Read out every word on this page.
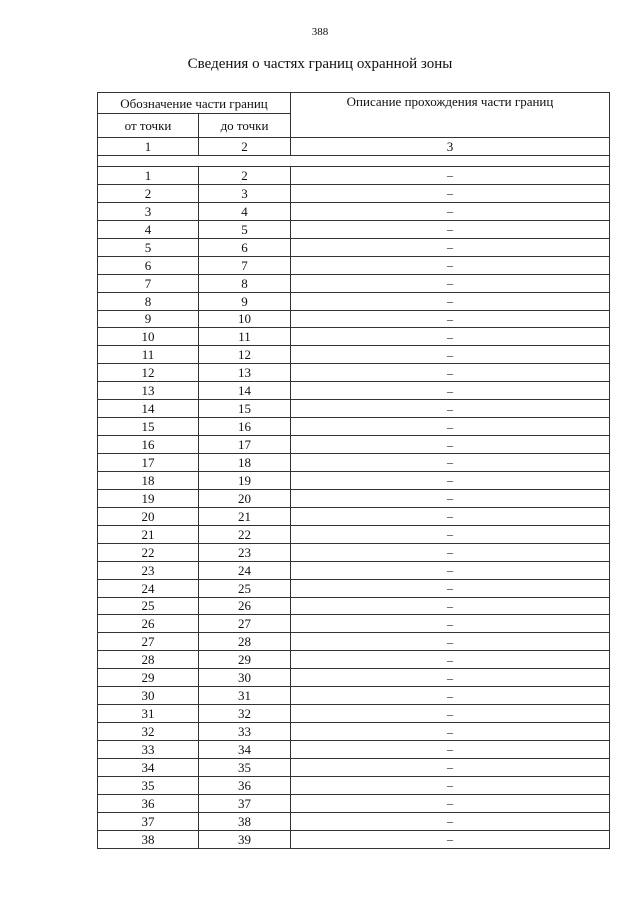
388
Сведения о частях границ охранной зоны
Обозначение части границ		Описание прохождения части границ
от точки	до точки	
1	2	3

1	2	–
2	3	–
3	4	–
4	5	–
5	6	–
6	7	–
7	8	–
8	9	–
9	10	–
10	11	–
11	12	–
12	13	–
13	14	–
14	15	–
15	16	–
16	17	–
17	18	–
18	19	–
19	20	–
20	21	–
21	22	–
22	23	–
23	24	–
24	25	–
25	26	–
26	27	–
27	28	–
28	29	–
29	30	–
30	31	–
31	32	–
32	33	–
33	34	–
34	35	–
35	36	–
36	37	–
37	38	–
38	39	–
